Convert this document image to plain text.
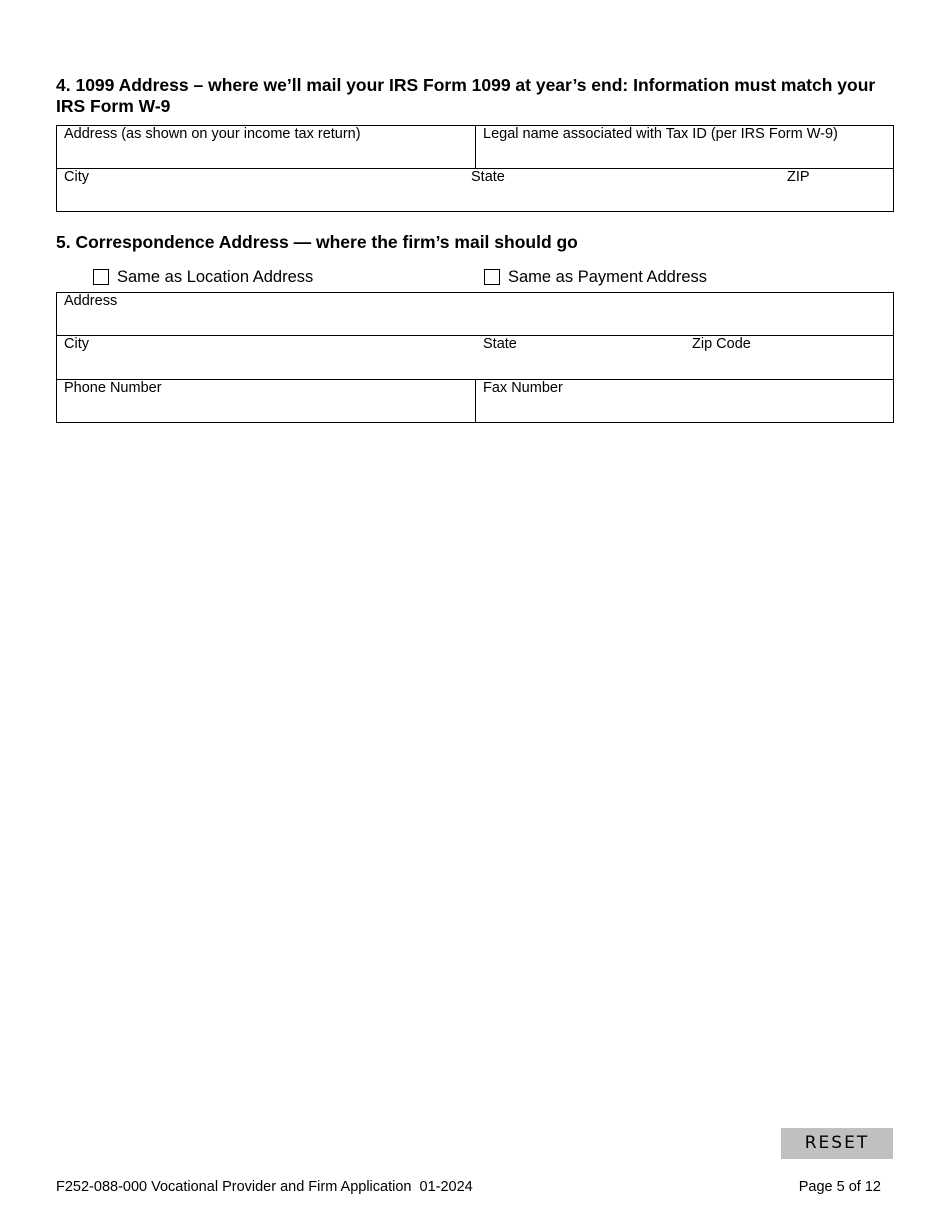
4. 1099 Address – where we’ll mail your IRS Form 1099 at year’s end: Information must match your IRS Form W-9
Address (as shown on your income tax return)	Legal name associated with Tax ID (per IRS Form W-9)
City	State	ZIP
5. Correspondence Address — where the firm’s mail should go
Same as Location Address	Same as Payment Address
Address
City	State	Zip Code
Phone Number	Fax Number
RESET
F252-088-000 Vocational Provider and Firm Application  01-2024	Page 5 of 12
